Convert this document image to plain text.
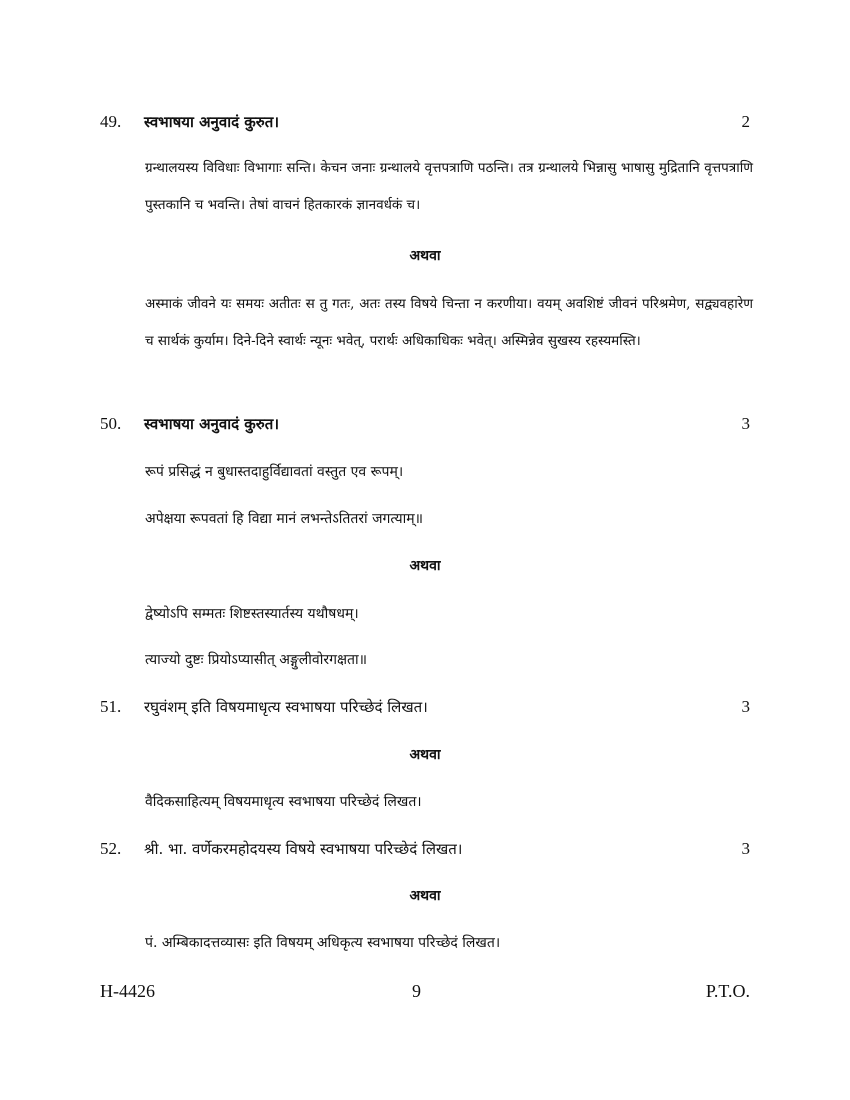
49.	स्वभाषया अनुवादं कुरुत।	2
ग्रन्थालयस्य विविधाः विभागाः सन्ति। केचन जनाः ग्रन्थालये वृत्तपत्राणि पठन्ति। तत्र ग्रन्थालये भिन्नासु भाषासु मुद्रितानि वृत्तपत्राणि पुस्तकानि च भवन्ति। तेषां वाचनं हितकारकं ज्ञानवर्धकं च।
अथवा
अस्माकं जीवने यः समयः अतीतः स तु गतः, अतः तस्य विषये चिन्ता न करणीया। वयम् अवशिष्टं जीवनं परिश्रमेण, सद्व्यवहारेण च सार्थकं कुर्याम। दिने-दिने स्वार्थः न्यूनः भवेत्, परार्थः अधिकाधिकः भवेत्। अस्मिन्नेव सुखस्य रहस्यमस्ति।
50.	स्वभाषया अनुवादं कुरुत।	3
रूपं प्रसिद्धं न बुधास्तदाहुर्विद्यावतां वस्तुत एव रूपम्।
अपेक्षया रूपवतां हि विद्या मानं लभन्तेऽतितरां जगत्याम्॥
अथवा
द्वेष्योऽपि सम्मतः शिष्टस्तस्यार्तस्य यथौषधम्।
त्याज्यो दुष्टः प्रियोऽप्यासीत् अङ्गुलीवोरगक्षता॥
51.	रघुवंशम् इति विषयमाधृत्य स्वभाषया परिच्छेदं लिखत।	3
अथवा
वैदिकसाहित्यम् विषयमाधृत्य स्वभाषया परिच्छेदं लिखत।
52.	श्री. भा. वर्णेकरमहोदयस्य विषये स्वभाषया परिच्छेदं लिखत।	3
अथवा
पं. अम्बिकादत्तव्यासः इति विषयम् अधिकृत्य स्वभाषया परिच्छेदं लिखत।
H-4426	9	P.T.O.
